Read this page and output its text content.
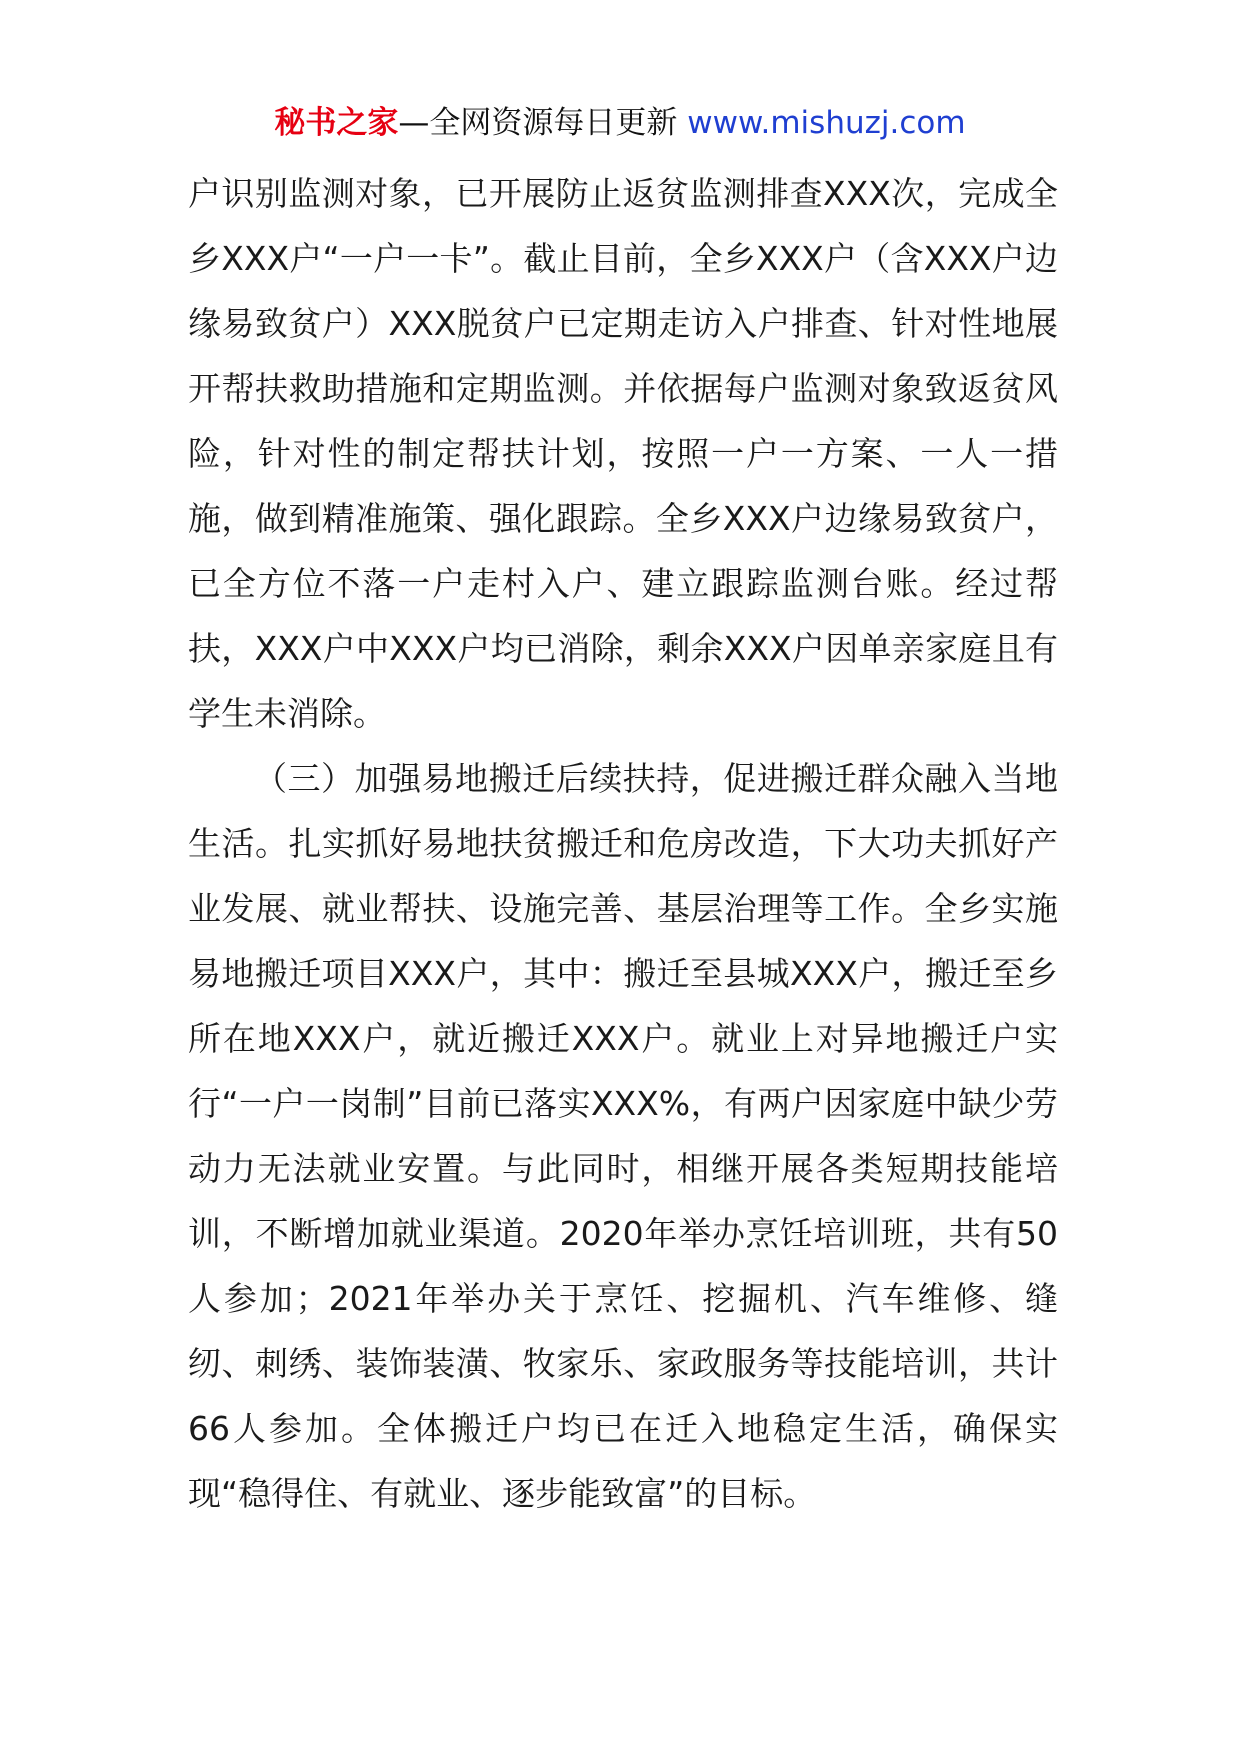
秘书之家—全网资源每日更新 www.mishuzj.com

户识别监测对象，已开展防止返贫监测排查XXX次，完成全乡XXX户“一户一卡”。截止目前，全乡XXX户（含XXX户边缘易致贫户）XXX脱贫户已定期走访入户排查、针对性地展开帮扶救助措施和定期监测。并依据每户监测对象致返贫风险，针对性的制定帮扶计划，按照一户一方案、一人一措施，做到精准施策、强化跟踪。全乡XXX户边缘易致贫户，已全方位不落一户走村入户、建立跟踪监测台账。经过帮扶，XXX户中XXX户均已消除，剩余XXX户因单亲家庭且有学生未消除。

（三）加强易地搬迁后续扶持，促进搬迁群众融入当地生活。扎实抓好易地扶贫搬迁和危房改造，下大功夫抓好产业发展、就业帮扶、设施完善、基层治理等工作。全乡实施易地搬迁项目XXX户，其中：搬迁至县城XXX户，搬迁至乡所在地XXX户，就近搬迁XXX户。就业上对异地搬迁户实行“一户一岗制”目前已落实XXX%，有两户因家庭中缺少劳动力无法就业安置。与此同时，相继开展各类短期技能培训，不断增加就业渠道。2020年举办烹饪培训班，共有50人参加；2021年举办关于烹饪、挖掘机、汽车维修、缝纫、刺绣、装饰装潢、牧家乐、家政服务等技能培训，共计66人参加。全体搬迁户均已在迁入地稳定生活，确保实现“稳得住、有就业、逐步能致富”的目标。
